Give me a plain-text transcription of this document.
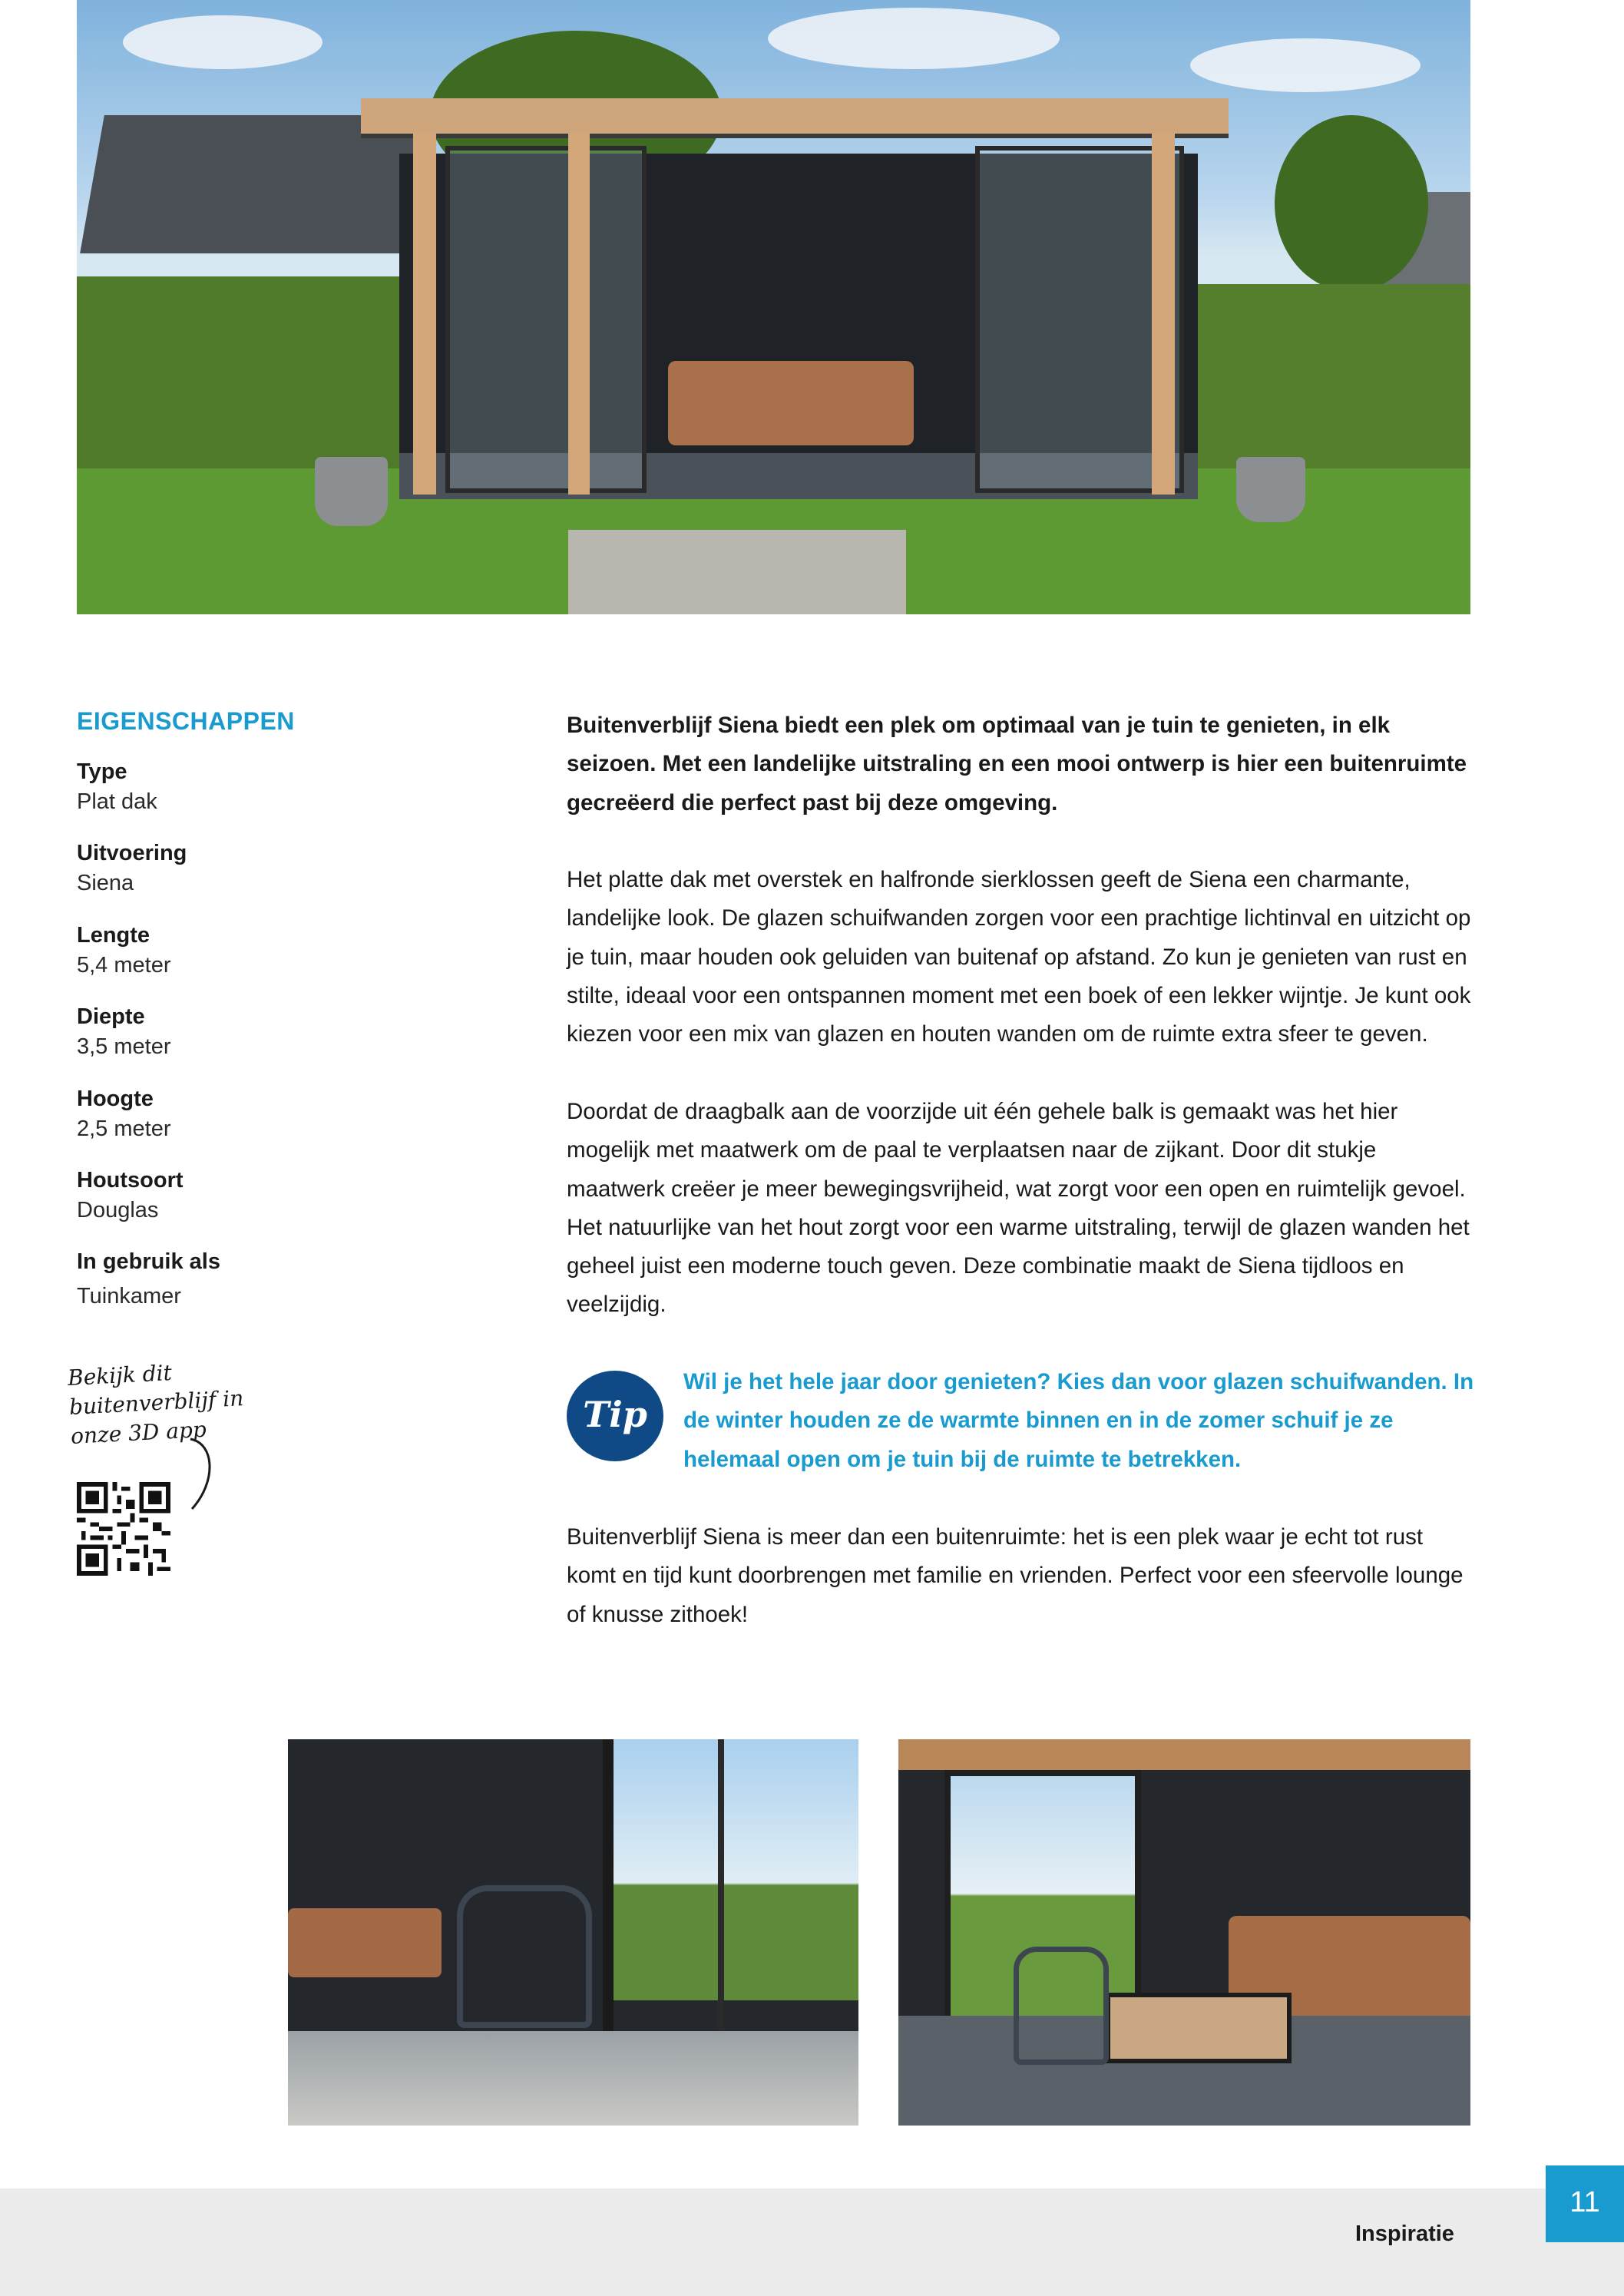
EIGENSCHAPPEN
Type
Plat dak
Uitvoering
Siena
Lengte
5,4 meter
Diepte
3,5 meter
Hoogte
2,5 meter
Houtsoort
Douglas
In gebruik als
Tuinkamer
Bekijk dit
buitenverblijf in
onze 3D app
Buitenverblijf Siena biedt een plek om optimaal van je tuin te genieten, in elk seizoen. Met een landelijke uitstraling en een mooi ontwerp is hier een buitenruimte gecreëerd die perfect past bij deze omgeving.
Het platte dak met overstek en halfronde sierklossen geeft de Siena een charmante, landelijke look. De glazen schuifwanden zorgen voor een prachtige lichtinval en uitzicht op je tuin, maar houden ook geluiden van buitenaf op afstand. Zo kun je genieten van rust en stilte, ideaal voor een ontspannen moment met een boek of een lekker wijntje. Je kunt ook kiezen voor een mix van glazen en houten wanden om de ruimte extra sfeer te geven.
Doordat de draagbalk aan de voorzijde uit één gehele balk is gemaakt was het hier mogelijk met maatwerk om de paal te verplaatsen naar de zijkant. Door dit stukje maatwerk creëer je meer bewegingsvrijheid, wat zorgt voor een open en ruimtelijk gevoel. Het natuurlijke van het hout zorgt voor een warme uitstraling, terwijl de glazen wanden het geheel juist een moderne touch geven. Deze combinatie maakt de Siena tijdloos en veelzijdig.
Tip
Wil je het hele jaar door genieten? Kies dan voor glazen schuifwanden. In de winter houden ze de warmte binnen en in de zomer schuif je ze helemaal open om je tuin bij de ruimte te betrekken.
Buitenverblijf Siena is meer dan een buitenruimte: het is een plek waar je echt tot rust komt en tijd kunt doorbrengen met familie en vrienden. Perfect voor een sfeervolle lounge of knusse zithoek!
Inspiratie
11
